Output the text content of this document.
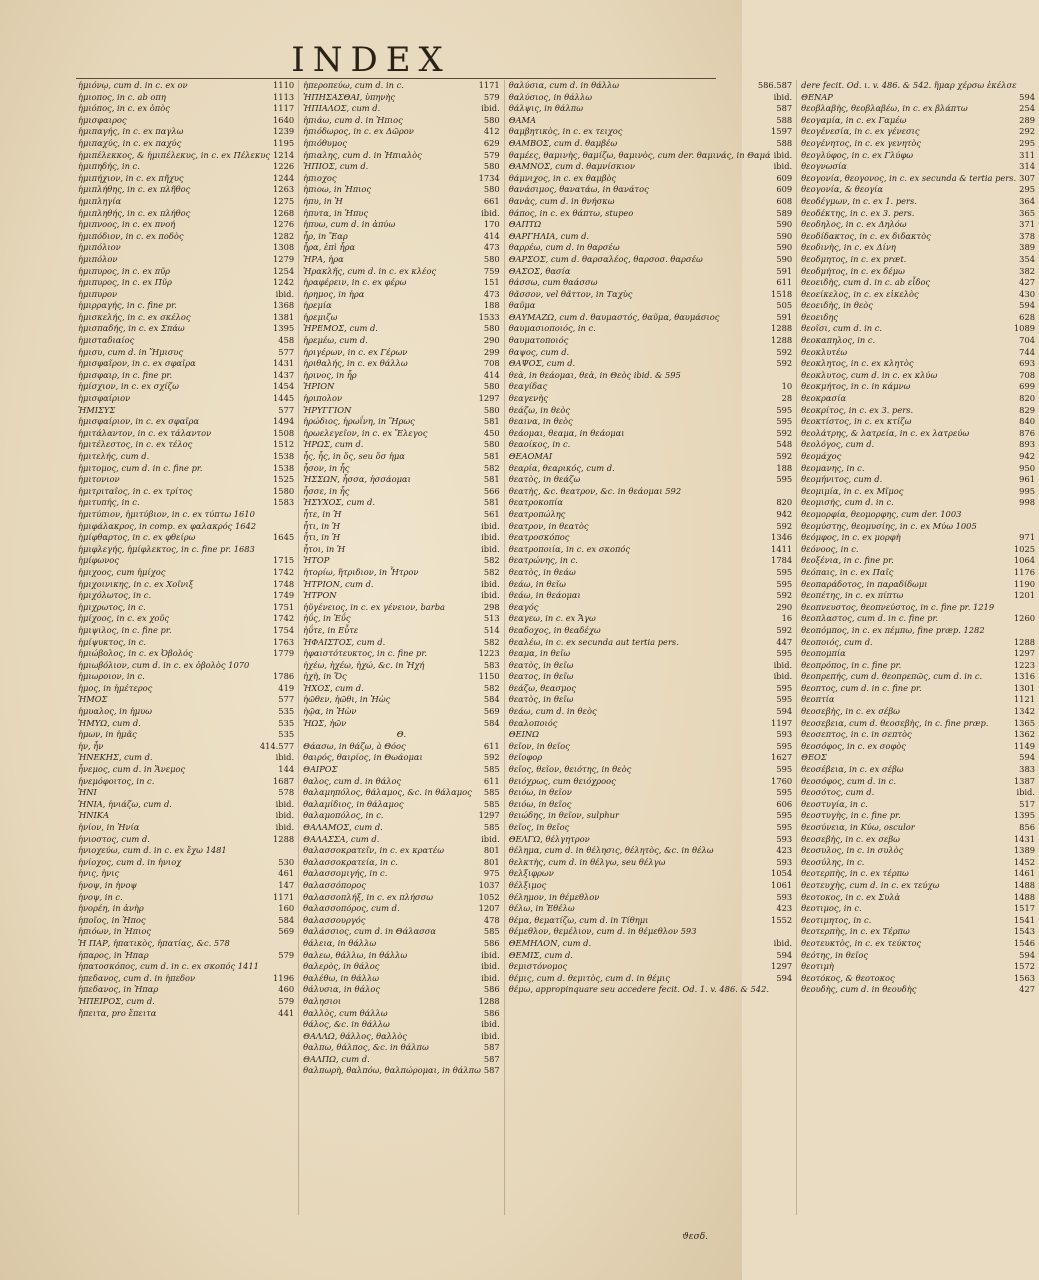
INDEX
ἡμιόνῳ, cum d. in c. ex ον	1110
ἡμιοπος, in c. ab οπη	1113
ἡμιόπος, in c. ex ὀπὸς	1117
ἡμισφαιρος	1640
ἡμιπαγής, in c. ex παγλω	1239
ἡμιπαχύς, in c. ex παχύς	1195
ἡμιπέλεκκος, & ἡμιπέλεκυς, in c. ex Πέλεκυς 1214
ἡμιπηδής, in c.	1226
ἡμιπήχιον, in c. ex πῆχυς	1244
ἡμιπλήθης, in c. ex πλῆθος	1263
ἡμιπληγία	1275
ἡμιπληθής, in c. ex πλήθος	1268
ἡμιπνοος, in c. ex πνοή	1276
ἡμιπόδιον, in c. ex ποδὸς	1282
ἡμιπόλιον	1308
ἡμιπόλον	1279
ἡμιπυρος, in c. ex πῦρ	1254
ἡμιπυρος, in c. ex Πῦρ	1242
ἡμιπυρον	ibid.
ἡμιρραγής, in c. fine pr.	1368
ἡμισκελής, in c. ex σκέλος	1381
ἡμισπαδής, in c. ex Σπάω	1395
ἡμισταδιαίος	458
ἡμισυ, cum d. in Ἥμισυς	577
ἡμισφαῖρον, in c. ex σφαῖρα	1431
ἡμισφαιρ, in c. fine pr.	1437
ἡμίσχιον, in c. ex σχίζω	1454
ἡμισφαίριον	1445
ἩΜΙΣΥΣ	577
ἡμισφαίριον, in c. ex σφαῖρα	1494
ἡμιτάλαντον, in c. ex τάλαντον	1508
ἡμιτέλεστος, in c. ex τέλος	1512
ἡμιτελής, cum d.	1538
ἡμιτομος, cum d. in c. fine pr.	1538
ἡμιτονιον	1525
ἡμιτριταῖος, in c. ex τρίτος	1580
ἡμιτυπής, in c.	1583
ἡμιτύπιον, ἡμιτύβιον, in c. ex τύπτω 1610
ἡμιφάλακρος, in comp. ex φαλακρός 1642
ἡμίφθαρτος, in c. ex φθείρω	1645
ἡμιφλεγής, ἡμίφλεκτος, in c. fine pr. 1683
ἡμίφωνος	1715
ἡμιχοος, cum ἡμίχος	1742
ἡμιχοινικης, in c. ex Χοῖνιξ	1748
ἡμιχόλωτος, in c.	1749
ἡμιχρωτος, in c.	1751
ἡμίχοος, in c. ex χοῦς	1742
ἡμιψιλος, in c. fine pr.	1754
ἡμίψυκτος, in c.	1763
ἡμιώβολος, in c. ex Ὀβολός	1779
ἡμιωβόλιον, cum d. in c. ex ὀβολὸς 1070
ἡμιωροιον, in c.	1786
ἡμος, in ἡμέτερος	419
ἩΜΟΣ	577
ἡμυαλος, in ἡμυω	535
ἩΜΥΩ, cum d.	535
ἡμων, in ἡμᾶς	535
ἡν, ἦν	414.577
ἩΝΕΚΗΣ, cum d.	ibid.
ἦνεμος, cum d. in Ἄνεμος	144
ἡνεμόφοιτος, in c.	1687
ἩΝΙ	578
ἩΝΙΑ, ἡνιάζω, cum d.	ibid.
ἩΝΙΚΑ	ibid.
ἡνίον, in Ἡνία	ibid.
ἡνιοστος, cum d.	1288
ἡνιοχεύω, cum d. in c. ex ἔχω 1481
ἡνίοχος, cum d. in ἡνιοχ	530
ἡνις, ἡνις	461
ἡνοψ, in ἡνοψ	147
ἡνοψ, in c.	1171
ἡνορέη, in ἀνὴρ	160
ἡποῖος, in Ἡπος	584
ἡπιόων, in Ἡπιος	569
Ἡ ΠΑΡ, ἡπατικὸς, ἡπατίας, &c. 578
ἡπαρος, in Ἡπαρ	579
ἡπατοσκόπος, cum d. in c. ex σκοπός 1411
ἡπεδανος, cum d. in ἡπεδον	1196
ἡπεδανος, in Ἡπαρ	460
ἩΠΕΙΡΟΣ, cum d.	579
ἤπειτα, pro ἔπειτα	441
ἡπεροπεύω, cum d. in c.	1171
ἩΠΗΣΑΣΘΑΙ, ὑπηνὴς	579
ἩΠΙΑΛΟΣ, cum d.	ibid.
ἡπιάω, cum d. in Ἡπιος	580
ἡπιόδωρος, in c. ex Δῶρον	412
ἡπιόθυμος	629
ἡπιαλης, cum d. in Ἡπιαλὸς	579
ἩΠΙΟΣ, cum d.	580
ἡπιοχος	1734
ἡπιοω, in Ἡπιος	580
ἡπυ, in Ἡ	661
ἡπυτα, in Ἡπυς	ibid.
ἡπυω, cum d. in ἀπύω	170
ἦρ, in Ἔαρ	414
ἦρα, ἐπὶ ἦρα	473
ἩΡΑ, ἡρα	580
Ἡρακλῆς, cum d. in c. ex κλέος	759
ἡραφέρειν, in c. ex φέρω	151
ἡρημος, in ἡρα	473
ἡρεμία	188
ἡρεμιζω	1533
ἩΡΕΜΟΣ, cum d.	580
ἡρεμέω, cum d.	290
ἡριγέρων, in c. ex Γέρων	299
ἡριθαλής, in c. ex θάλλω	708
ἡρινος, in ἦρ	414
ἩΡΙΟΝ	580
ἡριπολον	1297
ἩΡΥΓΓΙΟΝ	580
ἡρώδιος, ἡρωΐνη, in Ἥρως	581
ἡρωελεγεῖον, in c. ex Ἔλεγος	450
ἩΡΩΣ, cum d.	580
ἧς, ἧς, in ὅς, seu ὅσ ἡμα	581
ἧσον, in ἧς	582
ἩΣΣΩΝ, ἧσσα, ἡσσάομαι	581
ἧσσε, in ἧς	566
ἩΣΥΧΟΣ, cum d.	581
ἦτε, in Ἡ	561
ἦτι, in Ἡ	ibid.
ἦτι, in Ἡ	ibid.
ἦτοι, in Ἡ	ibid.
ἩΤΟΡ	582
ἡτορίω, ἥτριδιον, in Ἦτρον	582
ἩΤΡΙΟΝ, cum d.	ibid.
ἩΤΡΟΝ	ibid.
ἠϋγένειος, in c. ex γένειον, barba	298
ἠΰς, in Ἐΰς	513
ἠΰτε, in Εὖτε	514
ἩΦΑΙΣΤΟΣ, cum d.	582
ἡφαιστότευκτος, in c. fine pr.	1223
ἠχέω, ἠχέω, ἠχώ, &c. in Ἠχή	583
ἠχὴ, in Ὅς	1150
ἨΧΟΣ, cum d.	582
ἠῶθεν, ἠῶθι, in Ἠὼς	584
ἠῷα, in Ἠὼν	569
ἨΩΣ, ἠῶν	584
Θ.
Θάασω, in θάζω, à Θόος	611
θαιρός, θαιρίος, in Θωάομαι	592
ΘΑΙΡΟΣ	585
θαλος, cum d. in θάλος	611
θαλαμηπόλος, θάλαμος, &c. in θάλαμος	585
θαλαμίδιος, in θάλαμος	585
θαλαμοπόλος, in c.	1297
ΘΑΛΑΜΟΣ, cum d.	585
ΘΑΛΑΣΣΑ, cum d.	ibid.
θαλασσοκρατεῖν, in c. ex κρατέω	801
θαλασσοκρατεία, in c.	801
θαλασσομιγής, in c.	975
θαλασσόπορος	1037
θαλασσοπλήξ, in c. ex πλήσσω	1052
θαλασσοπόρος, cum d.	1207
θαλασσουργός	478
θαλάσσιος, cum d. in Θάλασσα	585
θάλεια, in θάλλω	586
θαλεω, θάλλω, in θάλλω	ibid.
θαλερὸς, in θάλος	ibid.
θαλέθω, in θάλλω	ibid.
θάλυσια, in θάλος	586
θαλησιοι	1288
θαλλὸς, cum θάλλω	586
θάλος, &c. in θάλλω	ibid.
ΘΑΛΛΩ, θάλλος, θαλλὸς	ibid.
θαλπω, θάλπος, &c. in θάλπω	587
ΘΑΛΠΩ, cum d.	587
θαλπωρὴ, θαλπόω, θαλπώρομαι, in θάλπω 587
θαλύσια, cum d. in θάλλω	586.587
θαλύσιος, in θάλλω	ibid.
θάλψις, in θάλπω	587
ΘΑΜΑ	588
θαμβητικὸς, in c. ex τειχος	1597
ΘΑΜΒΟΣ, cum d. θαμβέω	588
θαμέες, θαμινὴς, θαμίζω, θαμινὸς, cum der. θαμινάς, in Θαμά ibid.
ΘΑΜΝΟΣ, cum d. θαμνίσκιον	ibid.
θάμνιχος, in c. ex θαμβὸς	609
θανάσιμος, θανατάω, in θανάτος	609
θανὰς, cum d. in θνήσκω	608
θάπος, in c. ex θάπτω, stupeo	589
ΘΑΠΤΩ	590
ΘΑΡΓΗΛΙΑ, cum d.	590
θαρρέω, cum d. in θαρσέω	590
ΘΑΡΣΟΣ, cum d. θαρσαλέος, θαρσοσ. θαρσέω	590
ΘΑΣΟΣ, θασία	591
θάσσω, cum θαάσσω	611
θᾶσσον, vel θᾶττον, in Ταχὺς	1518
θαῦμα	505
ΘΑΥΜΑΖΩ, cum d. θαυμαστός, θαῦμα, θαυμάσιος	591
θαυμασιοποιός, in c.	1288
θαυματοποιός	1288
θαψος, cum d.	592
ΘΑΨΟΣ, cum d.	592
θεὰ, in θεάομαι, θεὰ, in Θεὸς ibid. & 595
θεαγίδας	10
θεαγενὴς	28
θεάζω, in θεὸς	595
θεαινα, in θεὸς	595
θεάομαι, θεαμα, in θεάομαι	592
θεαοίκος, in c.	548
ΘΕΑΟΜΑΙ	592
θεαρία, θεαρικός, cum d.	188
θεατὸς, in θεάζω	595
θεατὴς, &c. θεατρον, &c. in θεάομαι 592
θεατροκοπία	820
θεατροπώλης	942
θεατρον, in θεατὸς	592
θεατροσκόπος	1346
θεατροποιία, in c. ex σκοπός	1411
θεατρώνης, in c.	1784
θεατὸς, in θεάω	595
θεάω, in θεῖω	595
θεάω, in θεάομαι	592
θεαγός	290
θεαγεω, in c. ex Ἄγω	16
θεαδοχος, in θεαδέχω	592
θεαλέω, in c. ex secunda aut tertia pers.	447
θεαμα, in θεῖω	595
θεατὸς, in θεῖω	ibid.
θεατος, in θεῖω	ibid.
θεάζω, θεασμος	595
θεατὸς, in θεῖω	595
θεάω, cum d. in θεὸς	594
θεαλοποιός	1197
ΘΕΙΝΩ	593
θεῖον, in θεῖος	595
θεῖοφορ	1627
θεῖος, θεῖον, θειότης, in θεὸς	595
θειόχρως, cum θειόχροος	1760
θειόω, in θεῖον	595
θειόω, in θεῖος	606
θειώδης, in θεῖον, sulphur	595
θεῖος, in θεῖος	595
ΘΕΛΓΩ, θέλγητρον	593
θέλημα, cum d. in θέλησις, θέλητὸς, &c. in θέλω	423
θελκτὴς, cum d. in θέλγω, seu θέλγω	593
θελξιφρων	1054
θέλξιμος	1061
θέλημον, in θέμεθλον	593
θέλω, in Ἐθέλω	423
θέμα, θεματίζω, cum d. in Τίθημι	1552
θέμεθλον, θεμέλιον, cum d. in θέμεθλον 593
ΘΕΜΗΛΟΝ, cum d.	ibid.
ΘΕΜΙΣ, cum d.	594
θεμιστόνομος	1297
θέμις, cum d. θεμιτὸς, cum d. in θέμις	594
θέμω, appropinquare seu accedere fecit. Od. 1. v. 486. & 542.
dere fecit. Od. ι. v. 486. & 542. ἥμαρ χέρσω ἐκέλσε
ΘΕΝΑΡ	594
θεοβλαβὴς, θεοβλαβέω, in c. ex βλάπτω	254
θεογαμία, in c. ex Γαμέω	289
θεογένεσία, in c. ex γένεσις	292
θεογένητος, in c. ex γενητὸς	295
θεογλύφος, in c. ex Γλύφω	311
θεογνωσία	314
θεογονία, θεογονος, in c. ex secunda & tertia pers. 307
θεογονία, & θεογία	295
θεοδέγμων, in c. ex 1. pers.	364
θεοδέκτης, in c. ex 3. pers.	365
θεοδηλος, in c. ex Δηλόω	371
θεοδίδακτος, in c. ex διδακτὸς	378
θεοδινὴς, in c. ex Δίνη	389
θεοδμητος, in c. ex præt.	354
θεοδμήτος, in c. ex δέμω	382
θεοειδὴς, cum d. in c. ab εἶδος	427
θεοείκελος, in c. ex εἰκελὸς	430
θεοειδὴς, in θεὸς	594
θεοειδης	628
θεοῖσι, cum d. in c.	1089
θεοκαπηλος, in c.	704
θεοκλυτέω	744
θεοκλητος, in c. ex κλητὸς	693
θεοκλυτος, cum d. in c. ex κλύω	708
θεοκμήτος, in c. in κάμνω	699
θεοκρασία	820
θεοκρίτος, in c. ex 3. pers.	829
θεοκτίστος, in c. ex κτίζω	840
θεολάτρης, & λατρεία, in c. ex λατρεύω	876
θεολόγος, cum d.	893
θεομάχος	942
θεομανης, in c.	950
θεομήνιτος, cum d.	961
θεομιμία, in c. ex Μῖμος	995
θεομισής, cum d. in c.	998
θεομορφία, θεομορφης, cum der. 1003
θεομύστης, θεομυσίης, in c. ex Μύω 1005
θεόμφος, in c. ex μορφὴ	971
θεόνοος, in c.	1025
θεοξένια, in c. fine pr.	1064
θεόπαις, in c. ex Παῖς	1176
θεοπαράδοτος, in παραδίδωμι	1190
θεοπέτης, in c. ex πίπτω	1201
θεοπνευστος, θεοπνεύστος, in c. fine pr. 1219
θεοπλαστος, cum d. in c. fine pr.	1260
θεοπόμπος, in c. ex πέμπω, fine præp. 1282
θεοποιός, cum d.	1288
θεοπομπία	1297
θεοπρόπος, in c. fine pr.	1223
θεοπρεπής, cum d. θεοπρεπῶς, cum d. in c.	1316
θεοπτος, cum d. in c. fine pr.	1301
θεοπτία	1121
θεοσεβὴς, in c. ex σέβω	1342
θεοσεβεια, cum d. θεοσεβὴς, in c. fine præp.	1365
θεοσεπτος, in c. in σεπτὸς	1362
θεοσόφος, in c. ex σοφὸς	1149
ΘΕΟΣ	594
θεοσέβεια, in c. ex σέβω	383
θεοσόφος, cum d. in c.	1387
θεοσότος, cum d.	ibid.
θεοστυγία, in c.	517
θεοστυγὴς, in c. fine pr.	1395
θεοσύνεια, in Κύω, osculor	856
θεοσεβὴς, in c. ex σεβω	1431
θεοσυλος, in c. in συλὸς	1389
θεοσύλης, in c.	1452
θεοτερπὴς, in c. ex τέρπω	1461
θεοτευχὴς, cum d. in c. ex τεύχω	1488
θεοτοκος, in c. ex Συλὰ	1488
θεοτιμος, in c.	1517
θεοτιμητος, in c.	1541
θεοτερπὴς, in c. ex Τέρπω	1543
θεοτευκτὸς, in c. ex τεύκτος	1546
θεότης, in θεῖος	594
θεοτιμὴ	1572
θεοτόκος, & θεοτοκος	1563
θεουδὴς, cum d. in θεουδὴς	427
ϑεσδ.
